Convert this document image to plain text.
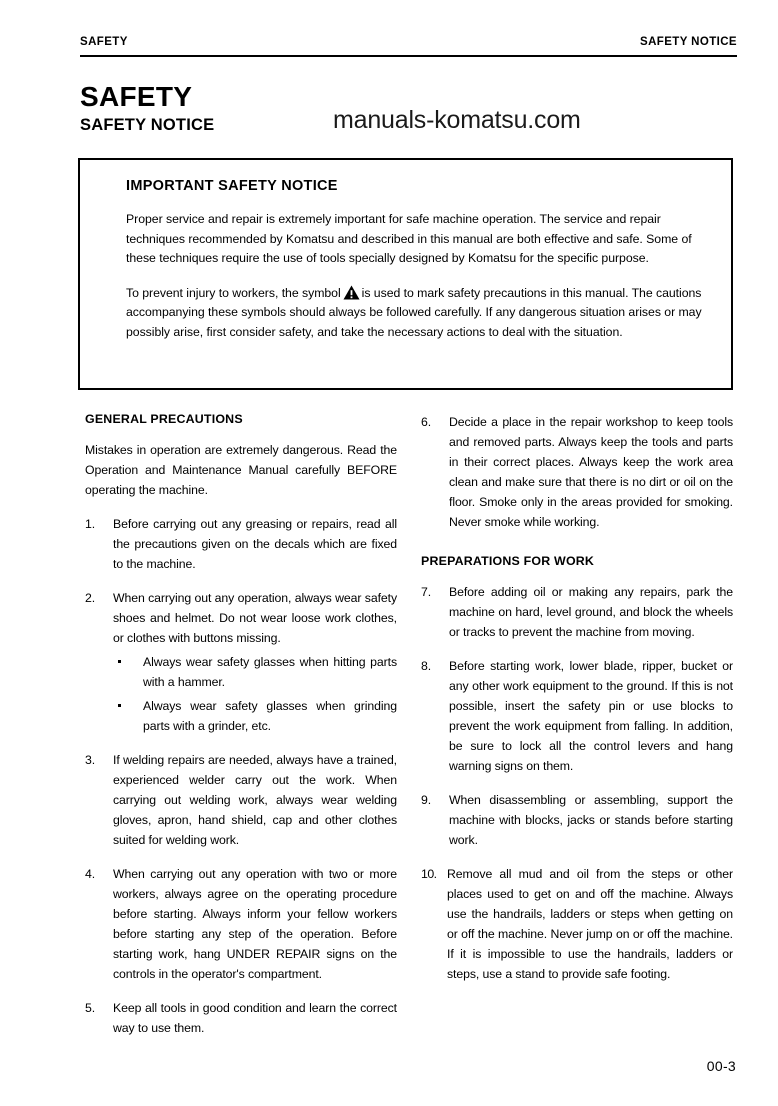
SAFETY	SAFETY NOTICE
SAFETY
SAFETY NOTICE	manuals-komatsu.com
IMPORTANT SAFETY NOTICE

Proper service and repair is extremely important for safe machine operation. The service and repair techniques recommended by Komatsu and described in this manual are both effective and safe. Some of these techniques require the use of tools specially designed by Komatsu for the specific purpose.

To prevent injury to workers, the symbol is used to mark safety precautions in this manual. The cautions accompanying these symbols should always be followed carefully. If any dangerous situation arises or may possibly arise, first consider safety, and take the necessary actions to deal with the situation.

GENERAL PRECAUTIONS

Mistakes in operation are extremely dangerous. Read the Operation and Maintenance Manual carefully BEFORE operating the machine.

1.	Before carrying out any greasing or repairs, read all the precautions given on the decals which are fixed to the machine.

2.	When carrying out any operation, always wear safety shoes and helmet. Do not wear loose work clothes, or clothes with buttons missing.

Always wear safety glasses when hitting parts with a hammer.
Always wear safety glasses when grinding parts with a grinder, etc.
3.	If welding repairs are needed, always have a trained, experienced welder carry out the work. When carrying out welding work, always wear welding gloves, apron, hand shield, cap and other clothes suited for welding work.

4.	When carrying out any operation with two or more workers, always agree on the operating procedure before starting. Always inform your fellow workers before starting any step of the operation. Before starting work, hang UNDER REPAIR signs on the controls in the operator's compartment.

5.	Keep all tools in good condition and learn the correct way to use them.

6.	Decide a place in the repair workshop to keep tools and removed parts. Always keep the tools and parts in their correct places. Always keep the work area clean and make sure that there is no dirt or oil on the floor. Smoke only in the areas provided for smoking. Never smoke while working.

PREPARATIONS FOR WORK
7.	Before adding oil or making any repairs, park the machine on hard, level ground, and block the wheels or tracks to prevent the machine from moving.

8.	Before starting work, lower blade, ripper, bucket or any other work equipment to the ground. If this is not possible, insert the safety pin or use blocks to prevent the work equipment from falling. In addition, be sure to lock all the control levers and hang warning signs on them.

9.	When disassembling or assembling, support the machine with blocks, jacks or stands before starting work.

10. Remove all mud and oil from the steps or other places used to get on and off the machine. Always use the handrails, ladders or steps when getting on or off the machine. Never jump on or off the machine. If it is impossible to use the handrails, ladders or steps, use a stand to provide safe footing.

00-3
